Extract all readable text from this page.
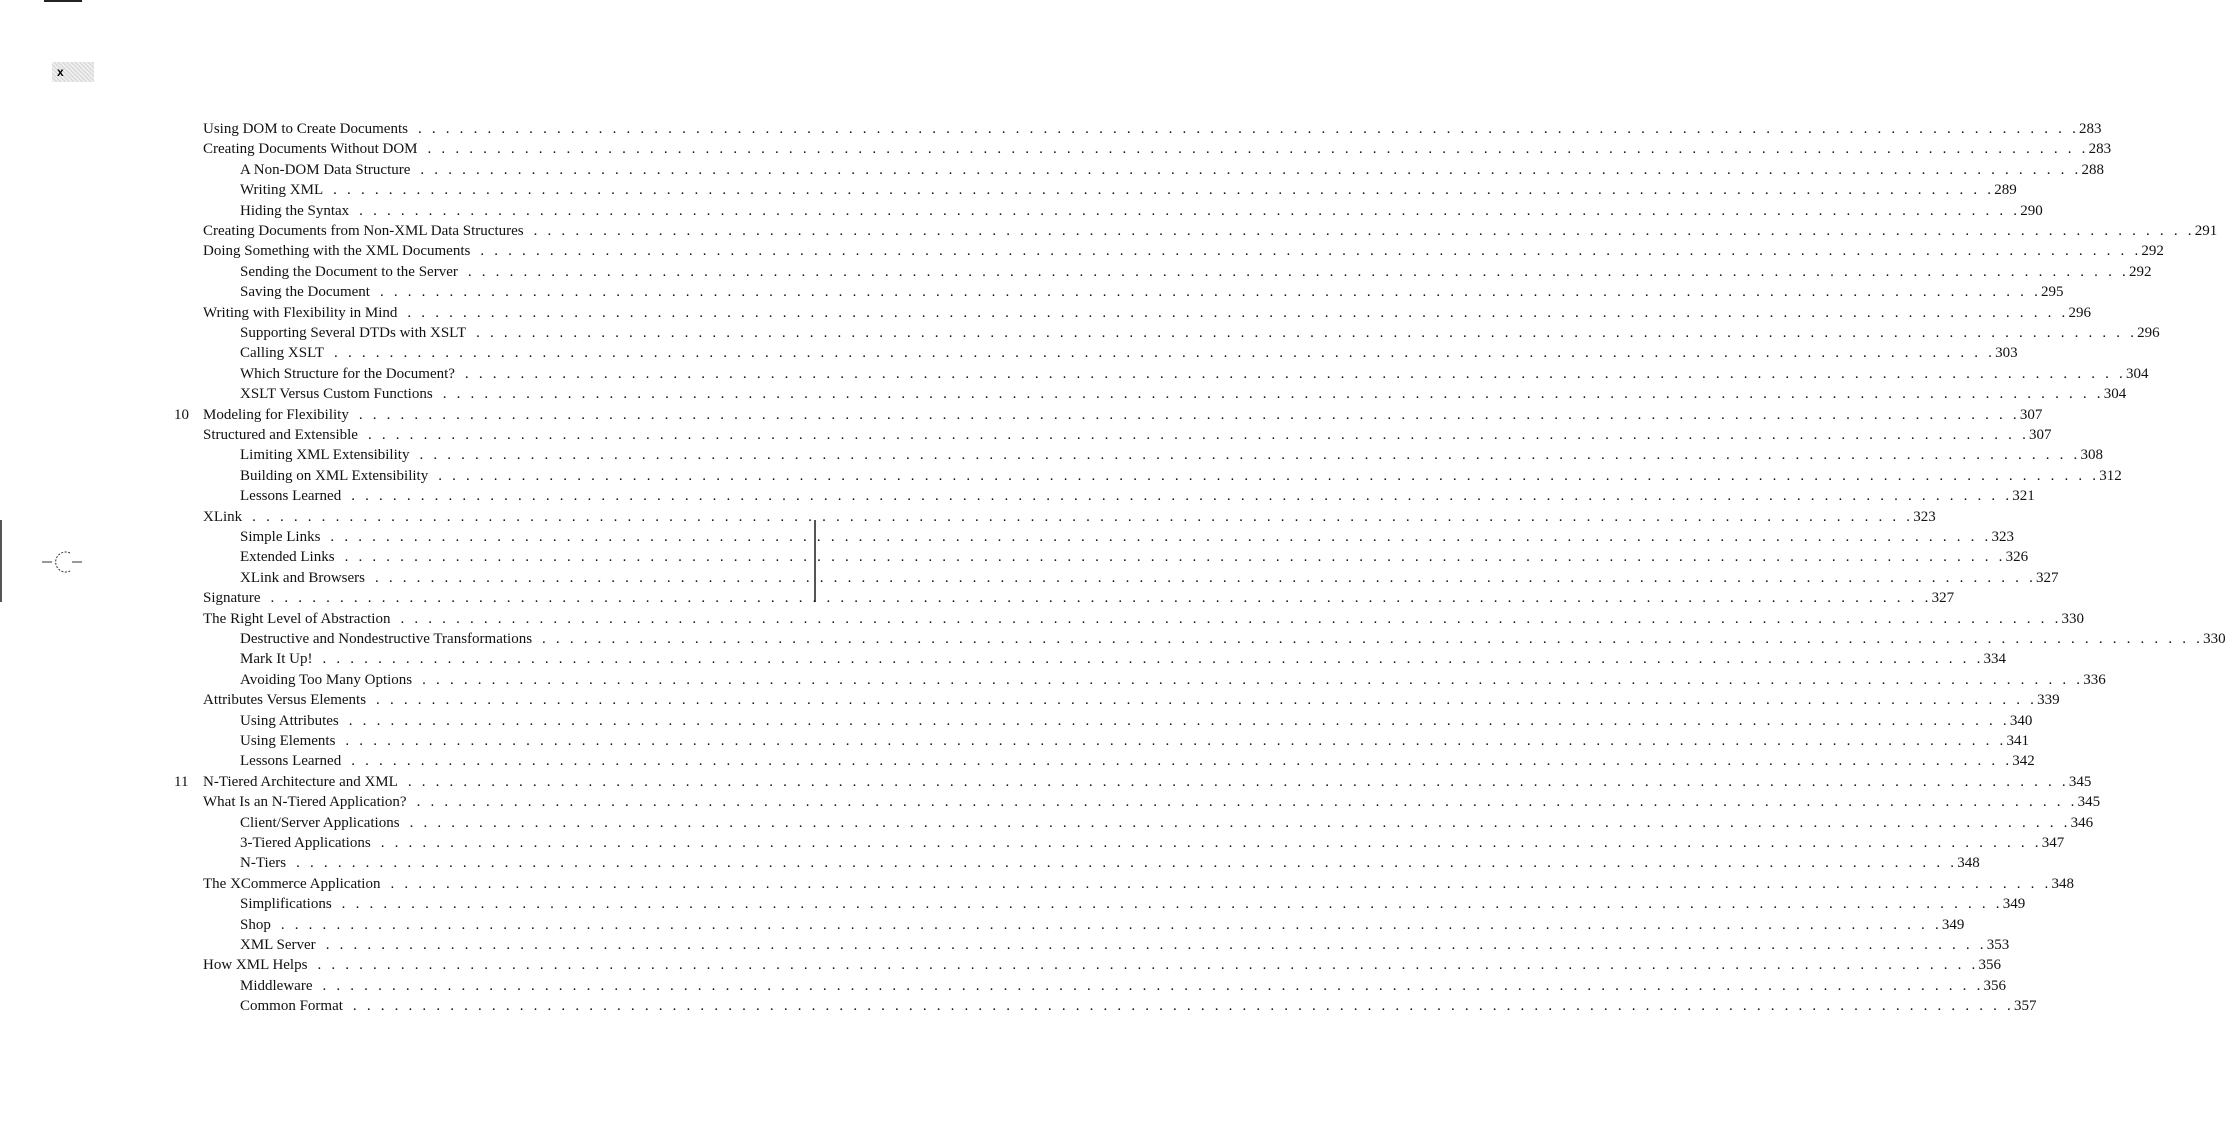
x
Using DOM to Create Documents . . . . . . . . . . . . . . . . . . . . . . . . . . . . . . . . . . . . . . . . . . . . . . . . . . . . . . . . . . . . . . . . . . . . . . . . . . . . . . . . . . . . . . . . . . . . . . . . . . . . . . . . . . . . . . . . . . . . . . . . 283
Creating Documents Without DOM . . . . . . . . . . . . . . . . . . . . . . . . . . . . . . . . . . . . . . . . . . . . . . . . . . . . . . . . . . . . . . . . . . . . . . . . . . . . . . . . . . . . . . . . . . . . . . . . . . . . . . . . . . . . . . . . . . . . . . . . 283
A Non-DOM Data Structure . . . . . . . . . . . . . . . . . . . . . . . . . . . . . . . . . . . . . . . . . . . . . . . . . . . . . . . . . . . . . . . . . . . . . . . . . . . . . . . . . . . . . . . . . . . . . . . . . . . . . . . . . . . . . . . . . . . . . . . . 288
Writing XML . . . . . . . . . . . . . . . . . . . . . . . . . . . . . . . . . . . . . . . . . . . . . . . . . . . . . . . . . . . . . . . . . . . . . . . . . . . . . . . . . . . . . . . . . . . . . . . . . . . . . . . . . . . . . . . . . . . . . . . . 289
Hiding the Syntax . . . . . . . . . . . . . . . . . . . . . . . . . . . . . . . . . . . . . . . . . . . . . . . . . . . . . . . . . . . . . . . . . . . . . . . . . . . . . . . . . . . . . . . . . . . . . . . . . . . . . . . . . . . . . . . . . . . . . . . . 290
Creating Documents from Non-XML Data Structures . . . . . . . . . . . . . . . . . . . . . . . . . . . . . . . . . . . . . . . . . . . . . . . . . . . . . . . . . . . . . . . . . . . . . . . . . . . . . . . . . . . . . . . . . . . . . . . . . . . . . . . . . . . . . . . . . . . . . . . . 291
Doing Something with the XML Documents . . . . . . . . . . . . . . . . . . . . . . . . . . . . . . . . . . . . . . . . . . . . . . . . . . . . . . . . . . . . . . . . . . . . . . . . . . . . . . . . . . . . . . . . . . . . . . . . . . . . . . . . . . . . . . . . . . . . . . . . 292
Sending the Document to the Server . . . . . . . . . . . . . . . . . . . . . . . . . . . . . . . . . . . . . . . . . . . . . . . . . . . . . . . . . . . . . . . . . . . . . . . . . . . . . . . . . . . . . . . . . . . . . . . . . . . . . . . . . . . . . . . . . . . . . . . . 292
Saving the Document . . . . . . . . . . . . . . . . . . . . . . . . . . . . . . . . . . . . . . . . . . . . . . . . . . . . . . . . . . . . . . . . . . . . . . . . . . . . . . . . . . . . . . . . . . . . . . . . . . . . . . . . . . . . . . . . . . . . . . . . 295
Writing with Flexibility in Mind . . . . . . . . . . . . . . . . . . . . . . . . . . . . . . . . . . . . . . . . . . . . . . . . . . . . . . . . . . . . . . . . . . . . . . . . . . . . . . . . . . . . . . . . . . . . . . . . . . . . . . . . . . . . . . . . . . . . . . . . 296
Supporting Several DTDs with XSLT . . . . . . . . . . . . . . . . . . . . . . . . . . . . . . . . . . . . . . . . . . . . . . . . . . . . . . . . . . . . . . . . . . . . . . . . . . . . . . . . . . . . . . . . . . . . . . . . . . . . . . . . . . . . . . . . . . . . . . . . 296
Calling XSLT . . . . . . . . . . . . . . . . . . . . . . . . . . . . . . . . . . . . . . . . . . . . . . . . . . . . . . . . . . . . . . . . . . . . . . . . . . . . . . . . . . . . . . . . . . . . . . . . . . . . . . . . . . . . . . . . . . . . . . . . 303
Which Structure for the Document? . . . . . . . . . . . . . . . . . . . . . . . . . . . . . . . . . . . . . . . . . . . . . . . . . . . . . . . . . . . . . . . . . . . . . . . . . . . . . . . . . . . . . . . . . . . . . . . . . . . . . . . . . . . . . . . . . . . . . . . . 304
XSLT Versus Custom Functions . . . . . . . . . . . . . . . . . . . . . . . . . . . . . . . . . . . . . . . . . . . . . . . . . . . . . . . . . . . . . . . . . . . . . . . . . . . . . . . . . . . . . . . . . . . . . . . . . . . . . . . . . . . . . . . . . . . . . . . . 304
10 Modeling for Flexibility . . . . . . . . . . . . . . . . . . . . . . . . . . . . . . . . . . . . . . . . . . . . . . . . . . . . . . . . . . . . . . . . . . . . . . . . . . . . . . . . . . . . . . . . . . . . . . . . . . . . . . . . . . . . . . . . . . . . . . . . 307
Structured and Extensible . . . . . . . . . . . . . . . . . . . . . . . . . . . . . . . . . . . . . . . . . . . . . . . . . . . . . . . . . . . . . . . . . . . . . . . . . . . . . . . . . . . . . . . . . . . . . . . . . . . . . . . . . . . . . . . . . . . . . . . . 307
Limiting XML Extensibility . . . . . . . . . . . . . . . . . . . . . . . . . . . . . . . . . . . . . . . . . . . . . . . . . . . . . . . . . . . . . . . . . . . . . . . . . . . . . . . . . . . . . . . . . . . . . . . . . . . . . . . . . . . . . . . . . . . . . . . . 308
Building on XML Extensibility . . . . . . . . . . . . . . . . . . . . . . . . . . . . . . . . . . . . . . . . . . . . . . . . . . . . . . . . . . . . . . . . . . . . . . . . . . . . . . . . . . . . . . . . . . . . . . . . . . . . . . . . . . . . . . . . . . . . . . . . 312
Lessons Learned . . . . . . . . . . . . . . . . . . . . . . . . . . . . . . . . . . . . . . . . . . . . . . . . . . . . . . . . . . . . . . . . . . . . . . . . . . . . . . . . . . . . . . . . . . . . . . . . . . . . . . . . . . . . . . . . . . . . . . . . 321
XLink . . . . . . . . . . . . . . . . . . . . . . . . . . . . . . . . . . . . . . . . . . . . . . . . . . . . . . . . . . . . . . . . . . . . . . . . . . . . . . . . . . . . . . . . . . . . . . . . . . . . . . . . . . . . . . . . . . . . . . . . 323
Simple Links . . . . . . . . . . . . . . . . . . . . . . . . . . . . . . . . . . . . . . . . . . . . . . . . . . . . . . . . . . . . . . . . . . . . . . . . . . . . . . . . . . . . . . . . . . . . . . . . . . . . . . . . . . . . . . . . . . . . . . . . 323
Extended Links . . . . . . . . . . . . . . . . . . . . . . . . . . . . . . . . . . . . . . . . . . . . . . . . . . . . . . . . . . . . . . . . . . . . . . . . . . . . . . . . . . . . . . . . . . . . . . . . . . . . . . . . . . . . . . . . . . . . . . . . 326
XLink and Browsers . . . . . . . . . . . . . . . . . . . . . . . . . . . . . . . . . . . . . . . . . . . . . . . . . . . . . . . . . . . . . . . . . . . . . . . . . . . . . . . . . . . . . . . . . . . . . . . . . . . . . . . . . . . . . . . . . . . . . . . . 327
Signature . . . . . . . . . . . . . . . . . . . . . . . . . . . . . . . . . . . . . . . . . . . . . . . . . . . . . . . . . . . . . . . . . . . . . . . . . . . . . . . . . . . . . . . . . . . . . . . . . . . . . . . . . . . . . . . . . . . . . . . . 327
The Right Level of Abstraction . . . . . . . . . . . . . . . . . . . . . . . . . . . . . . . . . . . . . . . . . . . . . . . . . . . . . . . . . . . . . . . . . . . . . . . . . . . . . . . . . . . . . . . . . . . . . . . . . . . . . . . . . . . . . . . . . . . . . . . . 330
Destructive and Nondestructive Transformations . . . . . . . . . . . . . . . . . . . . . . . . . . . . . . . . . . . . . . . . . . . . . . . . . . . . . . . . . . . . . . . . . . . . . . . . . . . . . . . . . . . . . . . . . . . . . . . . . . . . . . . . . . . . . . . . . . . . . . . . 330
Mark It Up! . . . . . . . . . . . . . . . . . . . . . . . . . . . . . . . . . . . . . . . . . . . . . . . . . . . . . . . . . . . . . . . . . . . . . . . . . . . . . . . . . . . . . . . . . . . . . . . . . . . . . . . . . . . . . . . . . . . . . . . . 334
Avoiding Too Many Options . . . . . . . . . . . . . . . . . . . . . . . . . . . . . . . . . . . . . . . . . . . . . . . . . . . . . . . . . . . . . . . . . . . . . . . . . . . . . . . . . . . . . . . . . . . . . . . . . . . . . . . . . . . . . . . . . . . . . . . . 336
Attributes Versus Elements . . . . . . . . . . . . . . . . . . . . . . . . . . . . . . . . . . . . . . . . . . . . . . . . . . . . . . . . . . . . . . . . . . . . . . . . . . . . . . . . . . . . . . . . . . . . . . . . . . . . . . . . . . . . . . . . . . . . . . . . 339
Using Attributes . . . . . . . . . . . . . . . . . . . . . . . . . . . . . . . . . . . . . . . . . . . . . . . . . . . . . . . . . . . . . . . . . . . . . . . . . . . . . . . . . . . . . . . . . . . . . . . . . . . . . . . . . . . . . . . . . . . . . . . . 340
Using Elements . . . . . . . . . . . . . . . . . . . . . . . . . . . . . . . . . . . . . . . . . . . . . . . . . . . . . . . . . . . . . . . . . . . . . . . . . . . . . . . . . . . . . . . . . . . . . . . . . . . . . . . . . . . . . . . . . . . . . . . . 341
Lessons Learned . . . . . . . . . . . . . . . . . . . . . . . . . . . . . . . . . . . . . . . . . . . . . . . . . . . . . . . . . . . . . . . . . . . . . . . . . . . . . . . . . . . . . . . . . . . . . . . . . . . . . . . . . . . . . . . . . . . . . . . . 342
11 N-Tiered Architecture and XML . . . . . . . . . . . . . . . . . . . . . . . . . . . . . . . . . . . . . . . . . . . . . . . . . . . . . . . . . . . . . . . . . . . . . . . . . . . . . . . . . . . . . . . . . . . . . . . . . . . . . . . . . . . . . . . . . . . . . . . . 345
What Is an N-Tiered Application? . . . . . . . . . . . . . . . . . . . . . . . . . . . . . . . . . . . . . . . . . . . . . . . . . . . . . . . . . . . . . . . . . . . . . . . . . . . . . . . . . . . . . . . . . . . . . . . . . . . . . . . . . . . . . . . . . . . . . . . . 345
Client/Server Applications . . . . . . . . . . . . . . . . . . . . . . . . . . . . . . . . . . . . . . . . . . . . . . . . . . . . . . . . . . . . . . . . . . . . . . . . . . . . . . . . . . . . . . . . . . . . . . . . . . . . . . . . . . . . . . . . . . . . . . . . 346
3-Tiered Applications . . . . . . . . . . . . . . . . . . . . . . . . . . . . . . . . . . . . . . . . . . . . . . . . . . . . . . . . . . . . . . . . . . . . . . . . . . . . . . . . . . . . . . . . . . . . . . . . . . . . . . . . . . . . . . . . . . . . . . . . 347
N-Tiers . . . . . . . . . . . . . . . . . . . . . . . . . . . . . . . . . . . . . . . . . . . . . . . . . . . . . . . . . . . . . . . . . . . . . . . . . . . . . . . . . . . . . . . . . . . . . . . . . . . . . . . . . . . . . . . . . . . . . . . . 348
The XCommerce Application . . . . . . . . . . . . . . . . . . . . . . . . . . . . . . . . . . . . . . . . . . . . . . . . . . . . . . . . . . . . . . . . . . . . . . . . . . . . . . . . . . . . . . . . . . . . . . . . . . . . . . . . . . . . . . . . . . . . . . . . 348
Simplifications . . . . . . . . . . . . . . . . . . . . . . . . . . . . . . . . . . . . . . . . . . . . . . . . . . . . . . . . . . . . . . . . . . . . . . . . . . . . . . . . . . . . . . . . . . . . . . . . . . . . . . . . . . . . . . . . . . . . . . . . 349
Shop . . . . . . . . . . . . . . . . . . . . . . . . . . . . . . . . . . . . . . . . . . . . . . . . . . . . . . . . . . . . . . . . . . . . . . . . . . . . . . . . . . . . . . . . . . . . . . . . . . . . . . . . . . . . . . . . . . . . . . . . 349
XML Server . . . . . . . . . . . . . . . . . . . . . . . . . . . . . . . . . . . . . . . . . . . . . . . . . . . . . . . . . . . . . . . . . . . . . . . . . . . . . . . . . . . . . . . . . . . . . . . . . . . . . . . . . . . . . . . . . . . . . . . . 353
How XML Helps . . . . . . . . . . . . . . . . . . . . . . . . . . . . . . . . . . . . . . . . . . . . . . . . . . . . . . . . . . . . . . . . . . . . . . . . . . . . . . . . . . . . . . . . . . . . . . . . . . . . . . . . . . . . . . . . . . . . . . . . 356
Middleware . . . . . . . . . . . . . . . . . . . . . . . . . . . . . . . . . . . . . . . . . . . . . . . . . . . . . . . . . . . . . . . . . . . . . . . . . . . . . . . . . . . . . . . . . . . . . . . . . . . . . . . . . . . . . . . . . . . . . . . . 356
Common Format . . . . . . . . . . . . . . . . . . . . . . . . . . . . . . . . . . . . . . . . . . . . . . . . . . . . . . . . . . . . . . . . . . . . . . . . . . . . . . . . . . . . . . . . . . . . . . . . . . . . . . . . . . . . . . . . . . . . . . . . 357
